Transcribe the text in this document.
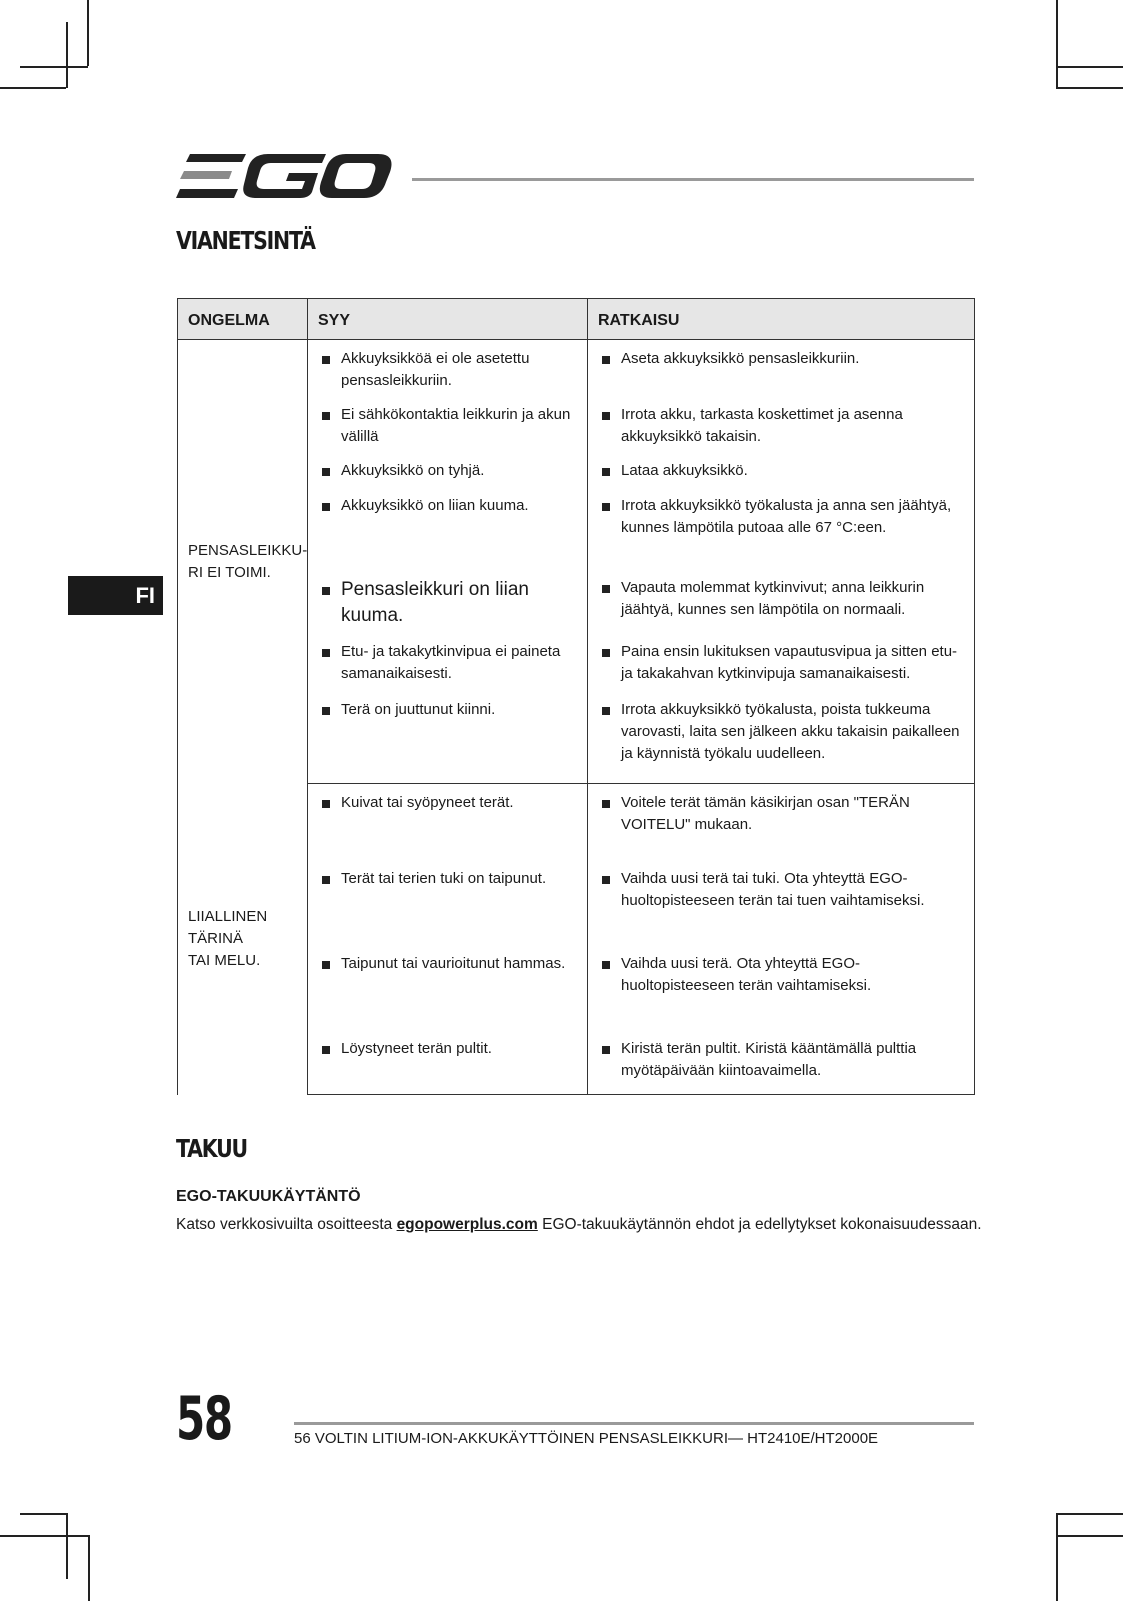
VIANETSINTÄ
FI
ONGELMA	SYY	RATKAISU
PENSASLEIKKU-RI EI TOIMI.	Akkuyksikköä ei ole asetettu pensasleikkuriin.	Aseta akkuyksikkö pensasleikkuriin.

	Ei sähkökontaktia leikkurin ja akun välillä	Irrota akku, tarkasta koskettimet ja asenna akkuyksikkö takaisin.

	Akkuyksikkö on tyhjä.	Lataa akkuyksikkö.

	Akkuyksikkö on liian kuuma.	Irrota akkuyksikkö työkalusta ja anna sen jäähtyä, kunnes lämpötila putoaa alle 67 °C:een.

	Pensasleikkuri on liian kuuma.	Vapauta molemmat kytkinvivut; anna leikkurin jäähtyä, kunnes sen lämpötila on normaali.

	Etu- ja takakytkinvipua ei paineta samanaikaisesti.	Paina ensin lukituksen vapautusvipua ja sitten etu- ja takakahvan kytkinvipuja samanaikaisesti.

	Terä on juuttunut kiinni.	Irrota akkuyksikkö työkalusta, poista tukkeuma varovasti, laita sen jälkeen akku takaisin paikalleen ja käynnistä työkalu uudelleen.

LIIALLINEN TÄRINÄ TAI MELU.	Kuivat tai syöpyneet terät.	Voitele terät tämän käsikirjan osan "TERÄN VOITELU" mukaan.

	Terät tai terien tuki on taipunut.	Vaihda uusi terä tai tuki. Ota yhteyttä EGO-huoltopisteeseen terän tai tuen vaihtamiseksi.

	Taipunut tai vaurioitunut hammas.	Vaihda uusi terä. Ota yhteyttä EGO-huoltopisteeseen terän vaihtamiseksi.

	Löystyneet terän pultit.	Kiristä terän pultit. Kiristä kääntämällä pulttia myötäpäivään kiintoavaimella.
TAKUU

EGO-TAKUUKÄYTÄNTÖ

Katso verkkosivuilta osoitteesta egopowerplus.com EGO-takuukäytännön ehdot ja edellytykset kokonaisuudessaan.

58	56 VOLTIN LITIUM-ION-AKKUKÄYTTÖINEN PENSASLEIKKURI— HT2410E/HT2000E
